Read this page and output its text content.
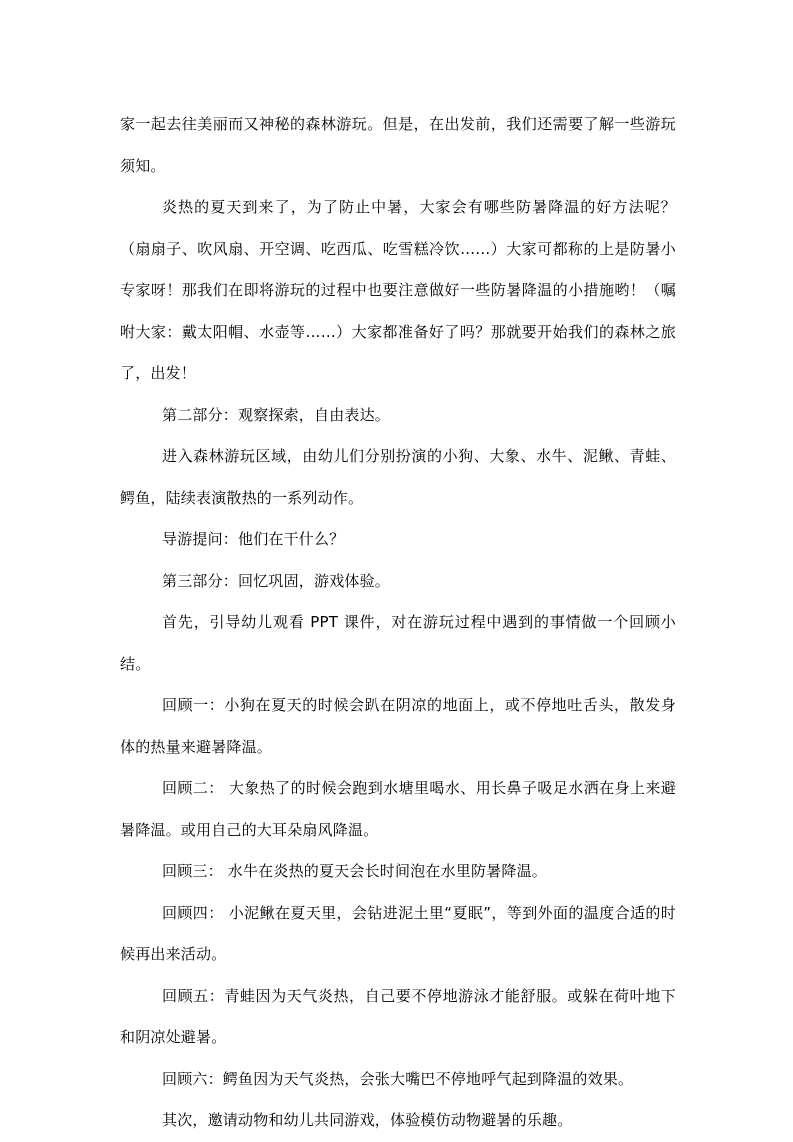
家一起去往美丽而又神秘的森林游玩。但是，在出发前，我们还需要了解一些游玩须知。

炎热的夏天到来了，为了防止中暑，大家会有哪些防暑降温的好方法呢？（扇扇子、吹风扇、开空调、吃西瓜、吃雪糕冷饮……）大家可都称的上是防暑小专家呀！那我们在即将游玩的过程中也要注意做好一些防暑降温的小措施哟！（嘱咐大家：戴太阳帽、水壶等……）大家都准备好了吗？那就要开始我们的森林之旅了，出发！

第二部分：观察探索，自由表达。

进入森林游玩区域，由幼儿们分别扮演的小狗、大象、水牛、泥鳅、青蛙、鳄鱼，陆续表演散热的一系列动作。

导游提问：他们在干什么？

第三部分：回忆巩固，游戏体验。

首先，引导幼儿观看 PPT 课件，对在游玩过程中遇到的事情做一个回顾小结。

回顾一：小狗在夏天的时候会趴在阴凉的地面上，或不停地吐舌头，散发身体的热量来避暑降温。

回顾二： 大象热了的时候会跑到水塘里喝水、用长鼻子吸足水洒在身上来避暑降温。或用自己的大耳朵扇风降温。

回顾三： 水牛在炎热的夏天会长时间泡在水里防暑降温。

回顾四： 小泥鳅在夏天里，会钻进泥土里“夏眠”，等到外面的温度合适的时候再出来活动。

回顾五：青蛙因为天气炎热，自己要不停地游泳才能舒服。或躲在荷叶地下和阴凉处避暑。

回顾六：鳄鱼因为天气炎热，会张大嘴巴不停地呼气起到降温的效果。

其次，邀请动物和幼儿共同游戏，体验模仿动物避暑的乐趣。
